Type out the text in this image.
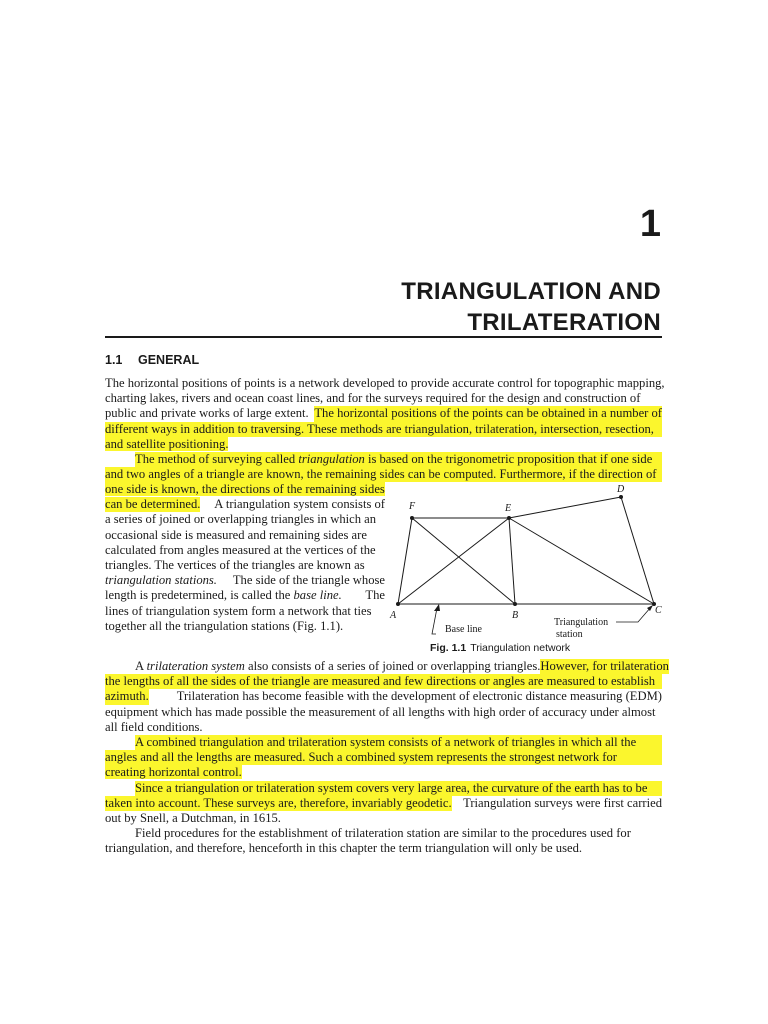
1
TRIANGULATION AND
TRILATERATION
1.1 GENERAL
The horizontal positions of points is a network developed to provide accurate control for topographic mapping,
charting lakes, rivers and ocean coast lines, and for the surveys required for the design and construction of
public and private works of large extent. The horizontal positions of the points can be obtained in a number of
different ways in addition to traversing. These methods are triangulation, trilateration, intersection, resection,
and satellite positioning.
The method of surveying called triangulation is based on the trigonometric proposition that if one side
and two angles of a triangle are known, the remaining sides can be computed. Furthermore, if the direction of
one side is known, the directions of the remaining sides
can be determined. A triangulation system consists of
a series of joined or overlapping triangles in which an
occasional side is measured and remaining sides are
calculated from angles measured at the vertices of the
triangles. The vertices of the triangles are known as
triangulation stations. The side of the triangle whose
length is predetermined, is called the base line. The
lines of triangulation system form a network that ties
together all the triangulation stations (Fig. 1.1).
A
F	E
D
B	C
Base line
Triangulation
station
Fig. 1.1 Triangulation network
A trilateration system also consists of a series of joined or overlapping triangles. However, for trilateration
the lengths of all the sides of the triangle are measured and few directions or angles are measured to establish
azimuth. Trilateration has become feasible with the development of electronic distance measuring (EDM)
equipment which has made possible the measurement of all lengths with high order of accuracy under almost
all field conditions.
A combined triangulation and trilateration system consists of a network of triangles in which all the
angles and all the lengths are measured. Such a combined system represents the strongest network for
creating horizontal control.
Since a triangulation or trilateration system covers very large area, the curvature of the earth has to be
taken into account. These surveys are, therefore, invariably geodetic. Triangulation surveys were first carried
out by Snell, a Dutchman, in 1615.
Field procedures for the establishment of trilateration station are similar to the procedures used for
triangulation, and therefore, henceforth in this chapter the term triangulation will only be used.
